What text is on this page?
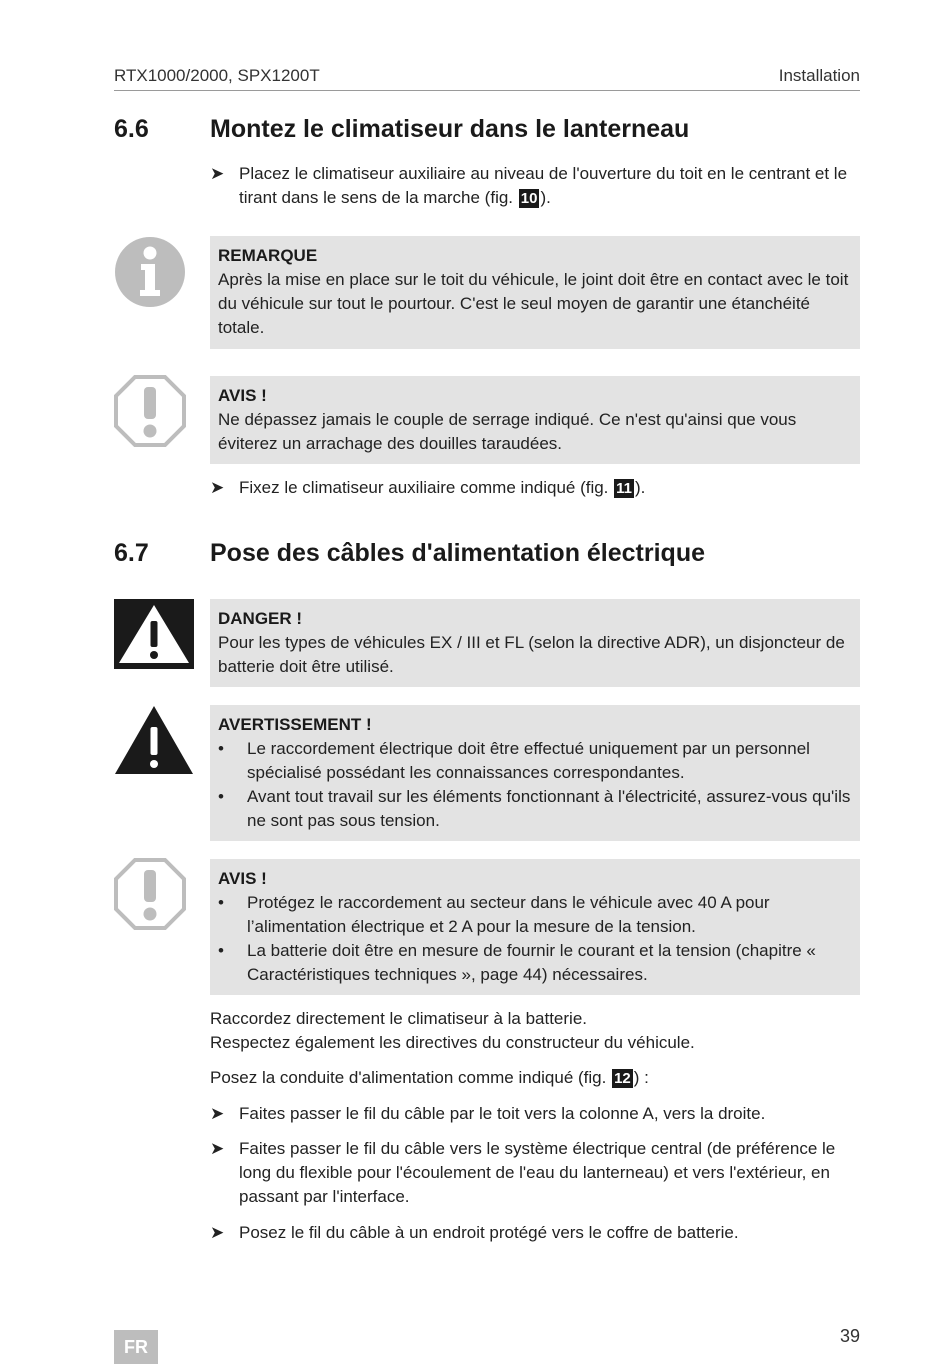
RTX1000/2000, SPX1200T	Installation
6.6 Montez le climatiseur dans le lanterneau
➤ Placez le climatiseur auxiliaire au niveau de l'ouverture du toit en le centrant et le tirant dans le sens de la marche (fig. 10 ).
REMARQUE
Après la mise en place sur le toit du véhicule, le joint doit être en contact avec le toit du véhicule sur tout le pourtour. C'est le seul moyen de garantir une étanchéité totale.
AVIS !
Ne dépassez jamais le couple de serrage indiqué. Ce n'est qu'ainsi que vous éviterez un arrachage des douilles taraudées.
➤ Fixez le climatiseur auxiliaire comme indiqué (fig. 11 ).
6.7 Pose des câbles d'alimentation électrique
DANGER !
Pour les types de véhicules EX / III et FL (selon la directive ADR), un disjoncteur de batterie doit être utilisé.
AVERTISSEMENT !
• Le raccordement électrique doit être effectué uniquement par un personnel spécialisé possédant les connaissances correspondantes.
• Avant tout travail sur les éléments fonctionnant à l'électricité, assurez-vous qu'ils ne sont pas sous tension.
AVIS !
• Protégez le raccordement au secteur dans le véhicule avec 40 A pour l’alimentation électrique et 2 A pour la mesure de la tension.
• La batterie doit être en mesure de fournir le courant et la tension (chapitre « Caractéristiques techniques », page 44) nécessaires.
Raccordez directement le climatiseur à la batterie.
Respectez également les directives du constructeur du véhicule.
Posez la conduite d'alimentation comme indiqué (fig. 12 ) :
➤ Faites passer le fil du câble par le toit vers la colonne A, vers la droite.
➤ Faites passer le fil du câble vers le système électrique central (de préférence le long du flexible pour l'écoulement de l'eau du lanterneau) et vers l'extérieur, en passant par l'interface.
➤ Posez le fil du câble à un endroit protégé vers le coffre de batterie.
FR
39
